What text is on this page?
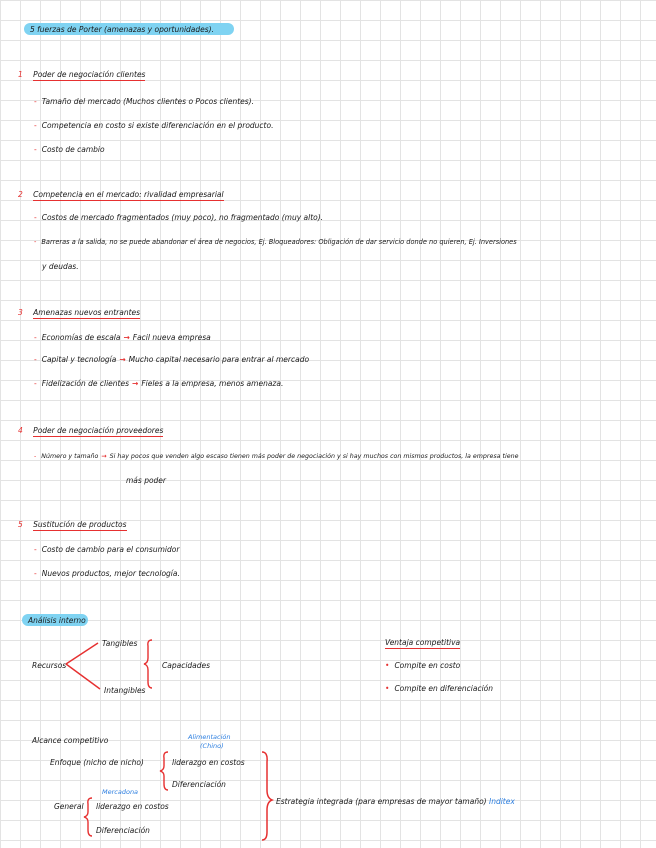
5 fuerzas de Porter (amenazas y oportunidades).
1 Poder de negociación clientes
- Tamaño del mercado (Muchos clientes o Pocos clientes).
- Competencia en costo si existe diferenciación en el producto.
- Costo de cambio
2 Competencia en el mercado: rivalidad empresarial
- Costos de mercado fragmentados (muy poco), no fragmentado (muy alto).
- Barreras a la salida, no se puede abandonar el área de negocios, Ej. Bloqueadores: Obligación de dar servicio donde no quieren, Ej. Inversiones
y deudas.
3 Amenazas nuevos entrantes
- Economías de escala → Facil nueva empresa
- Capital y tecnología → Mucho capital necesario para entrar al mercado
- Fidelización de clientes → Fieles a la empresa, menos amenaza.
4 Poder de negociación proveedores
- Número y tamaño → Si hay pocos que venden algo escaso tienen más poder de negociación y si hay muchos con mismos productos, la empresa tiene
más poder
5 Sustitución de productos
- Costo de cambio para el consumidor
- Nuevos productos, mejor tecnología.
Análisis interno
Tangibles
Recursos
Intangibles
Capacidades
Ventaja competitiva
• Compite en costo
• Compite en diferenciación
Alcance competitivo	Alimentación
(Chino)
Enfoque (nicho de nicho)	liderazgo en costos
Diferenciación
Mercadona
General liderazgo en costos
Diferenciación
Estrategia integrada (para empresas de mayor tamaño) Inditex
